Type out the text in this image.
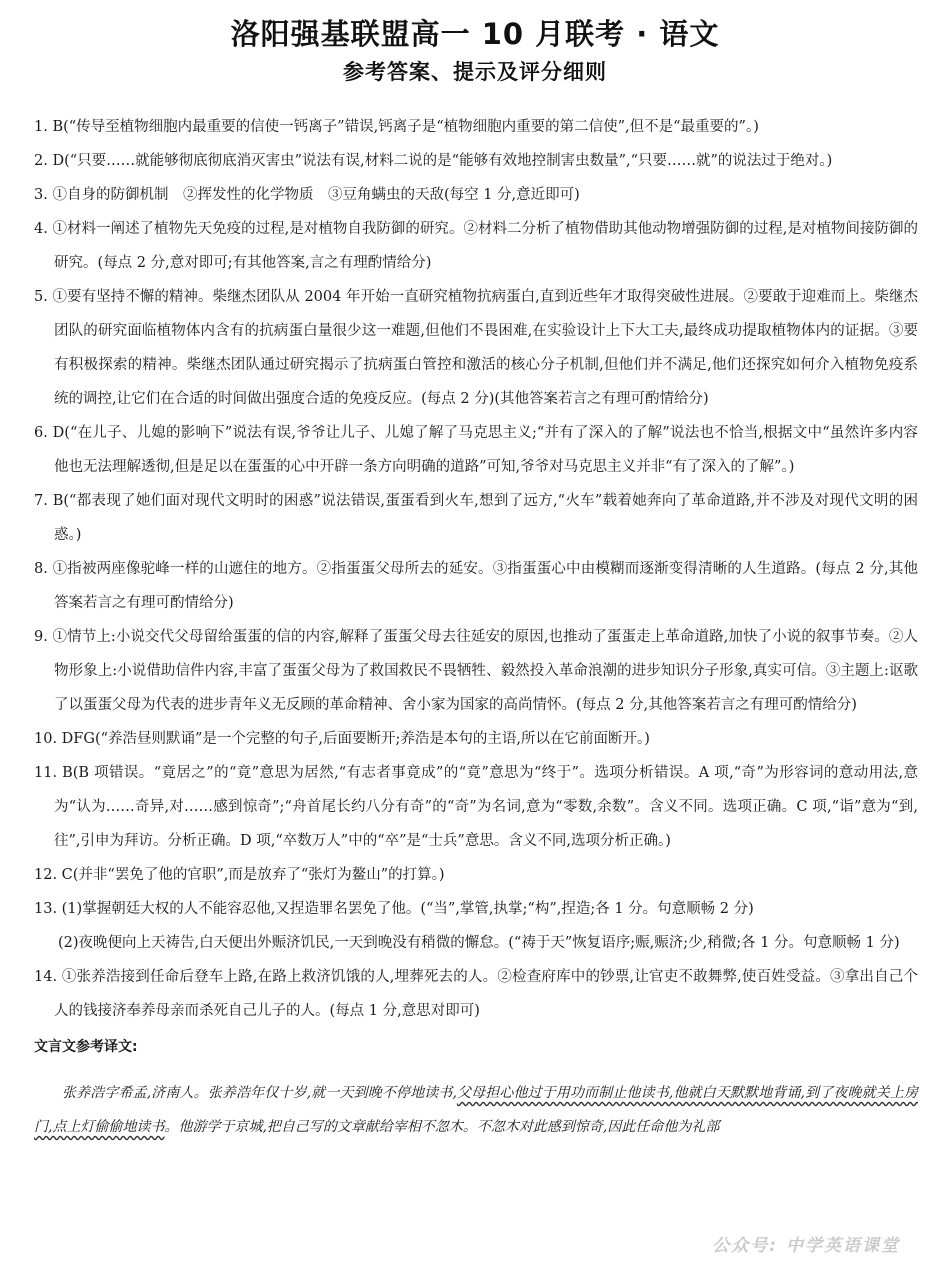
洛阳强基联盟高一 10 月联考 · 语文
参考答案、提示及评分细则

1. B(“传导至植物细胞内最重要的信使一钙离子”错误,钙离子是“植物细胞内重要的第二信使”,但不是“最重要的”。)

2. D(“只要……就能够彻底彻底消灭害虫”说法有误,材料二说的是“能够有效地控制害虫数量”,“只要……就”的说法过于绝对。)

3. ①自身的防御机制　②挥发性的化学物质　③豆角螨虫的天敌(每空 1 分,意近即可)

4. ①材料一阐述了植物先天免疫的过程,是对植物自我防御的研究。②材料二分析了植物借助其他动物增强防御的过程,是对植物间接防御的研究。(每点 2 分,意对即可;有其他答案,言之有理酌情给分)

5. ①要有坚持不懈的精神。柴继杰团队从 2004 年开始一直研究植物抗病蛋白,直到近些年才取得突破性进展。②要敢于迎难而上。柴继杰团队的研究面临植物体内含有的抗病蛋白量很少这一难题,但他们不畏困难,在实验设计上下大工夫,最终成功提取植物体内的证据。③要有积极探索的精神。柴继杰团队通过研究揭示了抗病蛋白管控和激活的核心分子机制,但他们并不满足,他们还探究如何介入植物免疫系统的调控,让它们在合适的时间做出强度合适的免疫反应。(每点 2 分)(其他答案若言之有理可酌情给分)

6. D(“在儿子、儿媳的影响下”说法有误,爷爷让儿子、儿媳了解了马克思主义;“并有了深入的了解”说法也不恰当,根据文中“虽然许多内容他也无法理解透彻,但是足以在蛋蛋的心中开辟一条方向明确的道路”可知,爷爷对马克思主义并非“有了深入的了解”。)

7. B(“都表现了她们面对现代文明时的困惑”说法错误,蛋蛋看到火车,想到了远方,“火车”载着她奔向了革命道路,并不涉及对现代文明的困惑。)

8. ①指被两座像驼峰一样的山遮住的地方。②指蛋蛋父母所去的延安。③指蛋蛋心中由模糊而逐渐变得清晰的人生道路。(每点 2 分,其他答案若言之有理可酌情给分)

9. ①情节上:小说交代父母留给蛋蛋的信的内容,解释了蛋蛋父母去往延安的原因,也推动了蛋蛋走上革命道路,加快了小说的叙事节奏。②人物形象上:小说借助信件内容,丰富了蛋蛋父母为了救国救民不畏牺牲、毅然投入革命浪潮的进步知识分子形象,真实可信。③主题上:讴歌了以蛋蛋父母为代表的进步青年义无反顾的革命精神、舍小家为国家的高尚情怀。(每点 2 分,其他答案若言之有理可酌情给分)

10. DFG(“养浩昼则默诵”是一个完整的句子,后面要断开;养浩是本句的主语,所以在它前面断开。)

11. B(B 项错误。“竟居之”的“竟”意思为居然,“有志者事竟成”的“竟”意思为“终于”。选项分析错误。A 项,“奇”为形容词的意动用法,意为“认为……奇异,对……感到惊奇”;“舟首尾长约八分有奇”的“奇”为名词,意为“零数,余数”。含义不同。选项正确。C 项,“诣”意为“到,往”,引申为拜访。分析正确。D 项,“卒数万人”中的“卒”是“士兵”意思。含义不同,选项分析正确。)

12. C(并非“罢免了他的官职”,而是放弃了“张灯为鳌山”的打算。)

13. (1)掌握朝廷大权的人不能容忍他,又捏造罪名罢免了他。(“当”,掌管,执掌;“构”,捏造;各 1 分。句意顺畅 2 分)

(2)夜晚便向上天祷告,白天便出外赈济饥民,一天到晚没有稍微的懈怠。(“祷于天”恢复语序;赈,赈济;少,稍微;各 1 分。句意顺畅 1 分)

14. ①张养浩接到任命后登车上路,在路上救济饥饿的人,埋葬死去的人。②检查府库中的钞票,让官吏不敢舞弊,使百姓受益。③拿出自己个人的钱接济奉养母亲而杀死自己儿子的人。(每点 1 分,意思对即可)

文言文参考译文:

张养浩字希孟,济南人。张养浩年仅十岁,就一天到晚不停地读书,父母担心他过于用功而制止他读书,他就白天默默地背诵,到了夜晚就关上房门,点上灯偷偷地读书。他游学于京城,把自己写的文章献给宰相不忽木。不忽木对此感到惊奇,因此任命他为礼部

公众号: 中学英语课堂
